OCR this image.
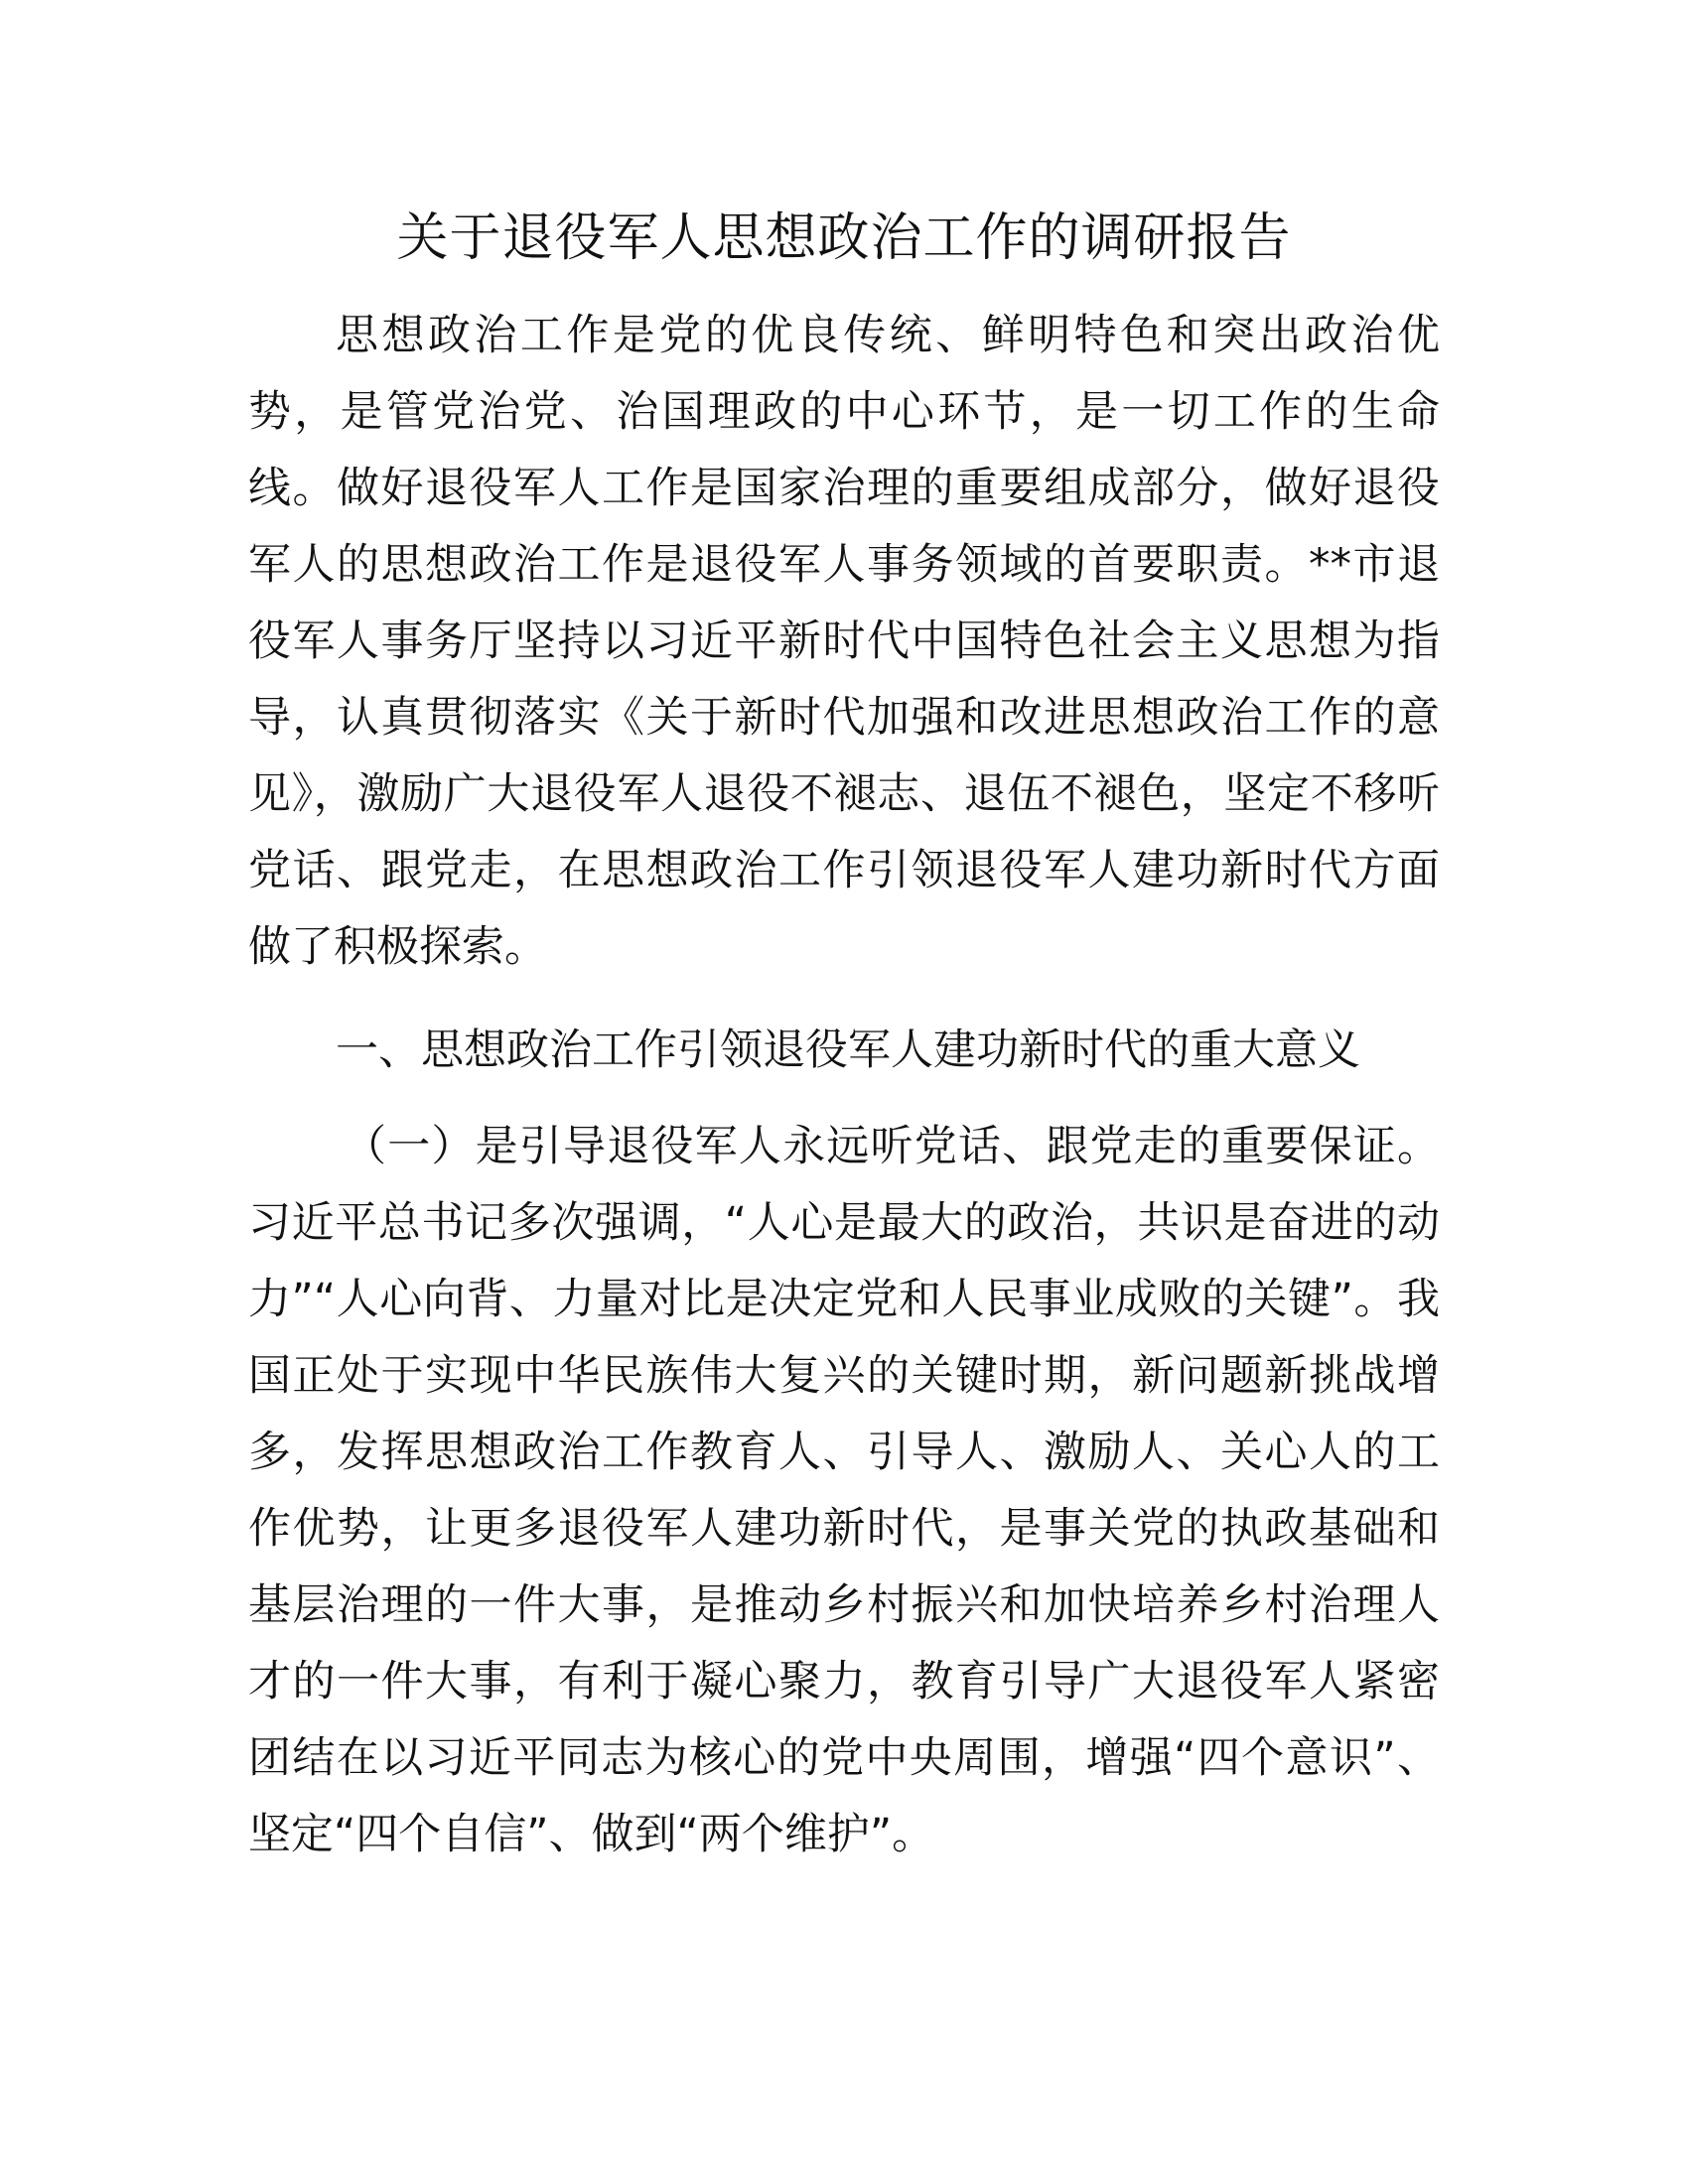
关于退役军人思想政治工作的调研报告

思想政治工作是党的优良传统、鲜明特色和突出政治优势，是管党治党、治国理政的中心环节，是一切工作的生命线。做好退役军人工作是国家治理的重要组成部分，做好退役军人的思想政治工作是退役军人事务领域的首要职责。**市退役军人事务厅坚持以习近平新时代中国特色社会主义思想为指导，认真贯彻落实《关于新时代加强和改进思想政治工作的意见》，激励广大退役军人退役不褪志、退伍不褪色，坚定不移听党话、跟党走，在思想政治工作引领退役军人建功新时代方面做了积极探索。

一、思想政治工作引领退役军人建功新时代的重大意义

（一）是引导退役军人永远听党话、跟党走的重要保证。习近平总书记多次强调，“人心是最大的政治，共识是奋进的动力”“人心向背、力量对比是决定党和人民事业成败的关键”。我国正处于实现中华民族伟大复兴的关键时期，新问题新挑战增多，发挥思想政治工作教育人、引导人、激励人、关心人的工作优势，让更多退役军人建功新时代，是事关党的执政基础和基层治理的一件大事，是推动乡村振兴和加快培养乡村治理人才的一件大事，有利于凝心聚力，教育引导广大退役军人紧密团结在以习近平同志为核心的党中央周围，增强“四个意识”、坚定“四个自信”、做到“两个维护”。
